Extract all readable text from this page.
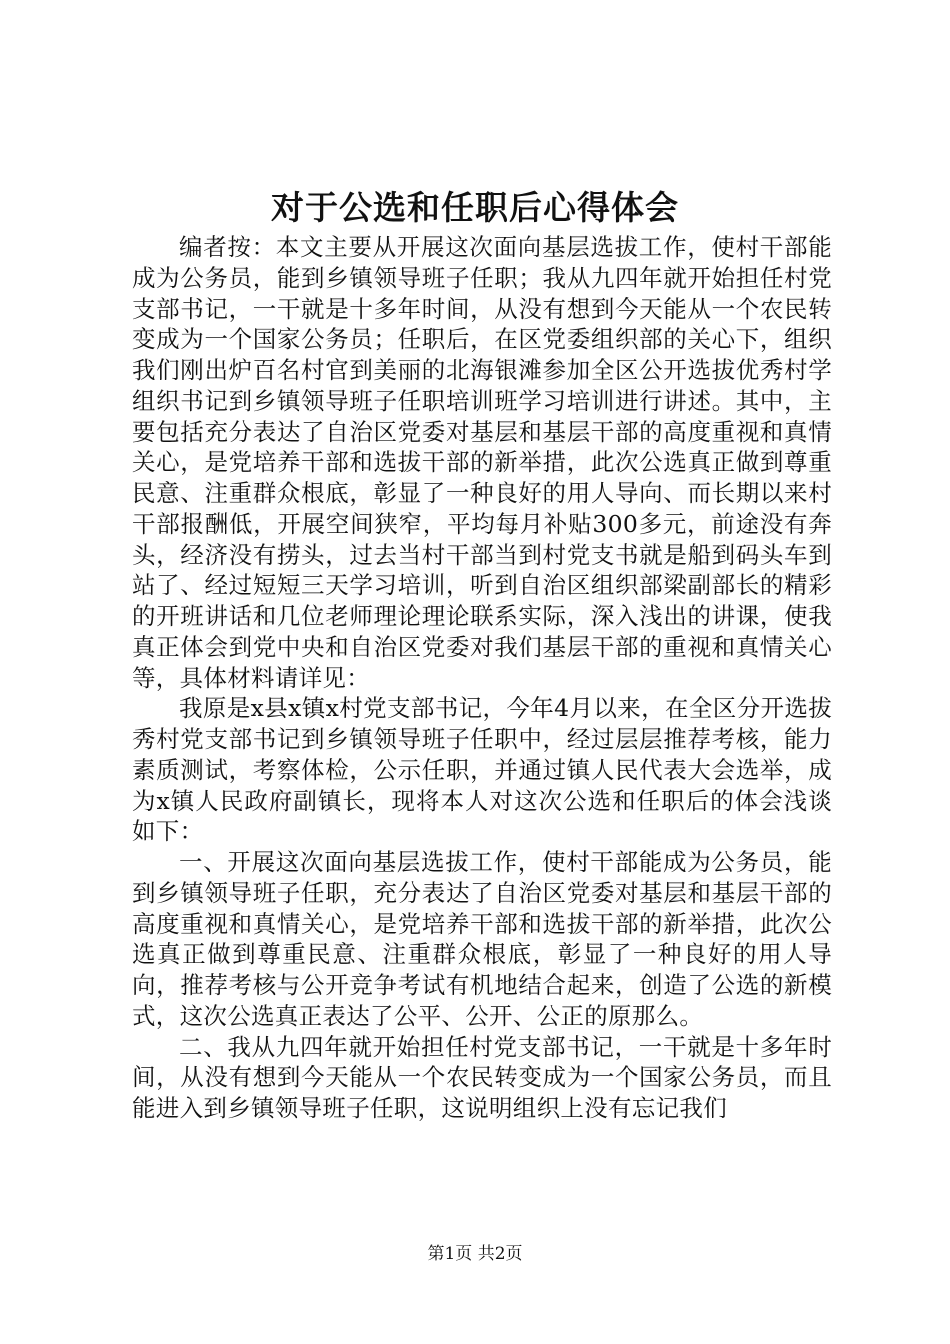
对于公选和任职后心得体会

编者按：本文主要从开展这次面向基层选拔工作，使村干部能成为公务员，能到乡镇领导班子任职；我从九四年就开始担任村党支部书记，一干就是十多年时间，从没有想到今天能从一个农民转变成为一个国家公务员；任职后，在区党委组织部的关心下，组织我们刚出炉百名村官到美丽的北海银滩参加全区公开选拔优秀村学组织书记到乡镇领导班子任职培训班学习培训进行讲述。其中，主要包括充分表达了自治区党委对基层和基层干部的高度重视和真情关心，是党培养干部和选拔干部的新举措，此次公选真正做到尊重民意、注重群众根底，彰显了一种良好的用人导向、而长期以来村干部报酬低，开展空间狭窄，平均每月补贴300多元，前途没有奔头，经济没有捞头，过去当村干部当到村党支书就是船到码头车到站了、经过短短三天学习培训，听到自治区组织部梁副部长的精彩的开班讲话和几位老师理论理论联系实际，深入浅出的讲课，使我真正体会到党中央和自治区党委对我们基层干部的重视和真情关心等，具体材料请详见：

我原是x县x镇x村党支部书记，今年4月以来，在全区分开选拔秀村党支部书记到乡镇领导班子任职中，经过层层推荐考核，能力素质测试，考察体检，公示任职，并通过镇人民代表大会选举，成为x镇人民政府副镇长，现将本人对这次公选和任职后的体会浅谈如下：

一、开展这次面向基层选拔工作，使村干部能成为公务员，能到乡镇领导班子任职，充分表达了自治区党委对基层和基层干部的高度重视和真情关心，是党培养干部和选拔干部的新举措，此次公选真正做到尊重民意、注重群众根底，彰显了一种良好的用人导向，推荐考核与公开竞争考试有机地结合起来，创造了公选的新模式，这次公选真正表达了公平、公开、公正的原那么。

二、我从九四年就开始担任村党支部书记，一干就是十多年时间，从没有想到今天能从一个农民转变成为一个国家公务员，而且能进入到乡镇领导班子任职，这说明组织上没有忘记我们

第1页 共2页
